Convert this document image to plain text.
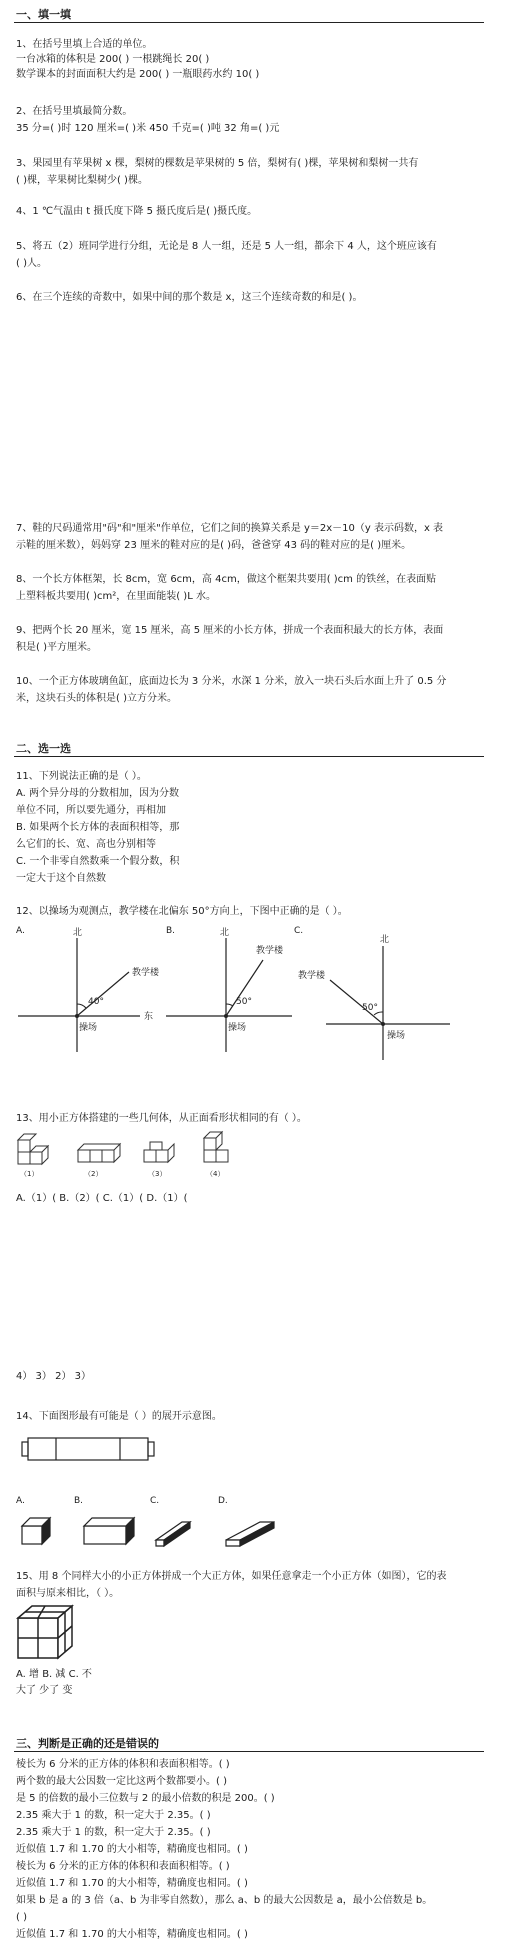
一、填一填
1、在括号里填上合适的单位。
一台冰箱的体积是 200( ) 一根跳绳长 20( )
数学课本的封面面积大约是 200( ) 一瓶眼药水约 10( )
2、在括号里填最简分数。
35 分=( )时 120 厘米=( )米 450 千克=( )吨 32 角=( )元
3、果园里有苹果树 x 棵，梨树的棵数是苹果树的 5 倍，梨树有( )棵，苹果树和梨树一共有
( )棵，苹果树比梨树少( )棵。
4、1 ℃气温由 t 摄氏度下降 5 摄氏度后是( )摄氏度。
5、将五（2）班同学进行分组，无论是 8 人一组，还是 5 人一组，都余下 4 人，这个班应该有
( )人。
6、在三个连续的奇数中，如果中间的那个数是 x，这三个连续奇数的和是( )。
7、鞋的尺码通常用"码"和"厘米"作单位，它们之间的换算关系是 y＝2x－10（y 表示码数，x 表
示鞋的厘米数），妈妈穿 23 厘米的鞋对应的是( )码，爸爸穿 43 码的鞋对应的是( )厘米。
8、一个长方体框架，长 8cm，宽 6cm，高 4cm，做这个框架共要用( )cm 的铁丝，在表面贴
上塑料板共要用( )cm²，在里面能装( )L 水。
9、把两个长 20 厘米，宽 15 厘米，高 5 厘米的小长方体，拼成一个表面积最大的长方体，表面
积是( )平方厘米。
10、一个正方体玻璃鱼缸，底面边长为 3 分米，水深 1 分米，放入一块石头后水面上升了 0.5 分
米，这块石头的体积是( )立方分米。
二、选一选
11、下列说法正确的是（ ）。
A. 两个异分母的分数相加，因为分数
单位不同，所以要先通分，再相加
B. 如果两个长方体的表面积相等，那
么它们的长、宽、高也分别相等
C. 一个非零自然数乘一个假分数，积
一定大于这个自然数
12、以操场为观测点，教学楼在北偏东 50°方向上，下图中正确的是（ ）。
A.	B.	C.
北
东
教学楼
40°
操场
北
教学楼
50°
操场
北
教学楼
50°
操场
13、用小正方体搭建的一些几何体，从正面看形状相同的有（ ）。
（1）	（2）	（3）	（4）
A.（1）( B.（2）( C.（1）( D.（1）(
4） 3） 2） 3）
14、下面图形最有可能是（ ）的展开示意图。
A.	B.	C.	D.
15、用 8 个同样大小的小正方体拼成一个大正方体，如果任意拿走一个小正方体（如图），它的表
面积与原来相比，（ ）。
A. 增 B. 减 C. 不
大了 少了 变
三、判断是正确的还是错误的
棱长为 6 分米的正方体的体积和表面积相等。( )
两个数的最大公因数一定比这两个数都要小。( )
是 5 的倍数的最小三位数与 2 的最小倍数的积是 200。( )
2.35 乘大于 1 的数，积一定大于 2.35。( )
2.35 乘大于 1 的数，积一定大于 2.35。( )
近似值 1.7 和 1.70 的大小相等，精确度也相同。( )
棱长为 6 分米的正方体的体积和表面积相等。( )
近似值 1.7 和 1.70 的大小相等，精确度也相同。( )
如果 b 是 a 的 3 倍（a、b 为非零自然数），那么 a、b 的最大公因数是 a，最小公倍数是 b。
( )
近似值 1.7 和 1.70 的大小相等，精确度也相同。( )
